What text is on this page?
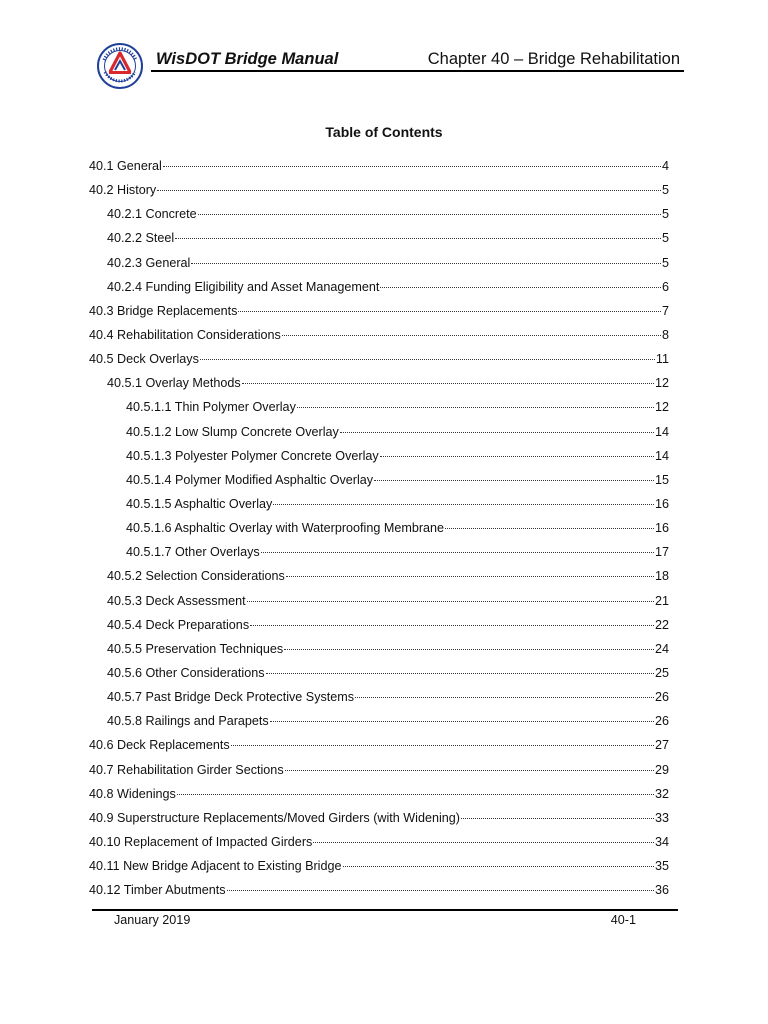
WisDOT Bridge Manual	Chapter 40 – Bridge Rehabilitation
Table of Contents
40.1 General	4
40.2 History	5
40.2.1 Concrete	5
40.2.2 Steel	5
40.2.3 General	5
40.2.4 Funding Eligibility and Asset Management	6
40.3 Bridge Replacements	7
40.4 Rehabilitation Considerations	8
40.5 Deck Overlays	11
40.5.1 Overlay Methods	12
40.5.1.1 Thin Polymer Overlay	12
40.5.1.2 Low Slump Concrete Overlay	14
40.5.1.3 Polyester Polymer Concrete Overlay	14
40.5.1.4 Polymer Modified Asphaltic Overlay	15
40.5.1.5 Asphaltic Overlay	16
40.5.1.6 Asphaltic Overlay with Waterproofing Membrane	16
40.5.1.7 Other Overlays	17
40.5.2 Selection Considerations	18
40.5.3 Deck Assessment	21
40.5.4 Deck Preparations	22
40.5.5 Preservation Techniques	24
40.5.6 Other Considerations	25
40.5.7 Past Bridge Deck Protective Systems	26
40.5.8 Railings and Parapets	26
40.6 Deck Replacements	27
40.7 Rehabilitation Girder Sections	29
40.8 Widenings	32
40.9 Superstructure Replacements/Moved Girders (with Widening)	33
40.10 Replacement of Impacted Girders	34
40.11 New Bridge Adjacent to Existing Bridge	35
40.12 Timber Abutments	36
January 2019	40-1
